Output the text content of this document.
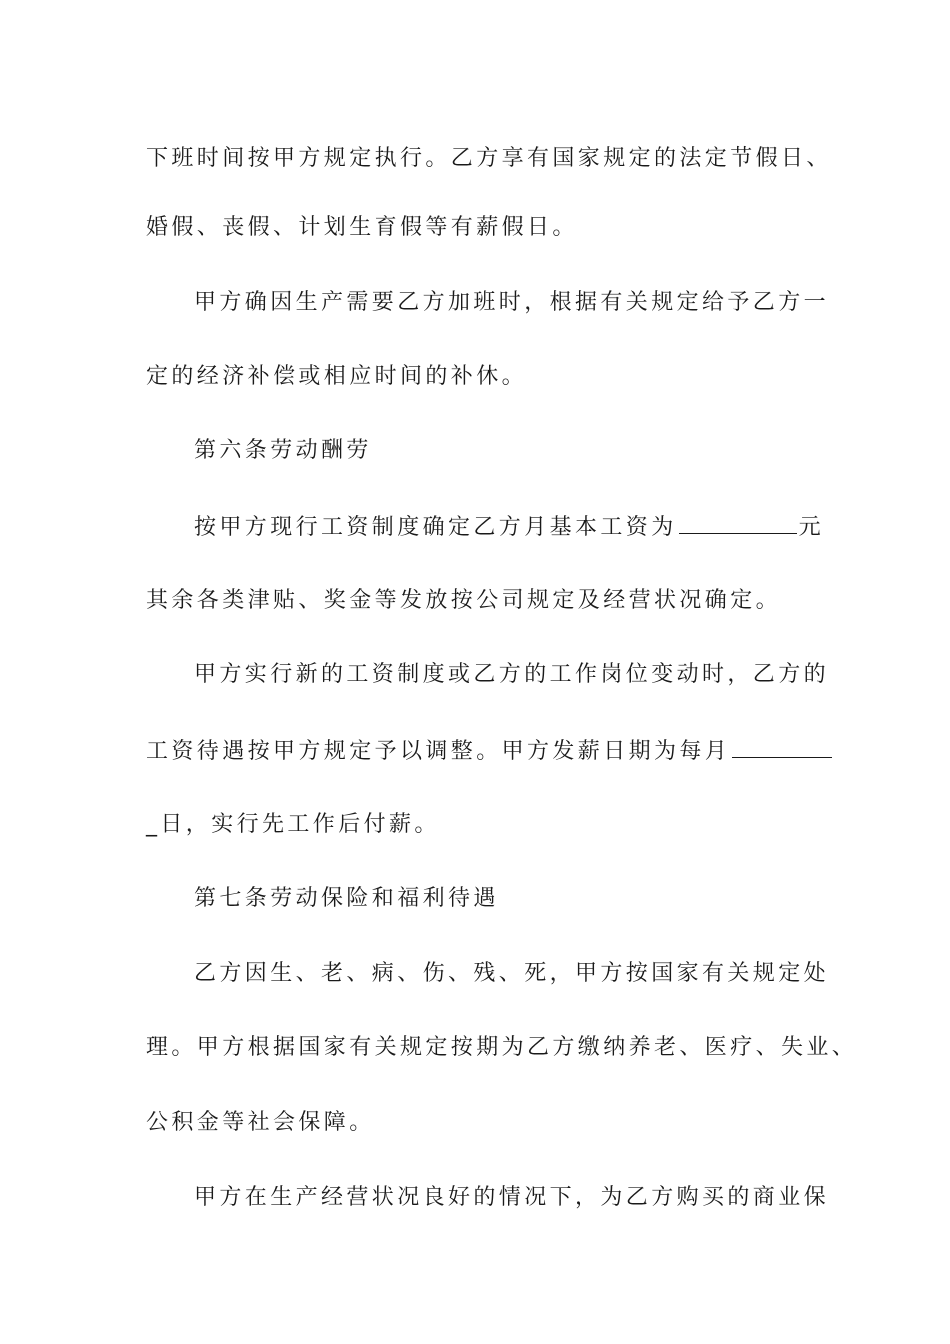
下班时间按甲方规定执行。乙方享有国家规定的法定节假日、
婚假、丧假、计划生育假等有薪假日。
甲方确因生产需要乙方加班时，根据有关规定给予乙方一
定的经济补偿或相应时间的补休。
第六条劳动酬劳
按甲方现行工资制度确定乙方月基本工资为	元
其余各类津贴、奖金等发放按公司规定及经营状况确定。
甲方实行新的工资制度或乙方的工作岗位变动时，乙方的
工资待遇按甲方规定予以调整。甲方发薪日期为每月
_日，实行先工作后付薪。
第七条劳动保险和福利待遇
乙方因生、老、病、伤、残、死，甲方按国家有关规定处
理。甲方根据国家有关规定按期为乙方缴纳养老、医疗、失业、
公积金等社会保障。
甲方在生产经营状况良好的情况下，为乙方购买的商业保
